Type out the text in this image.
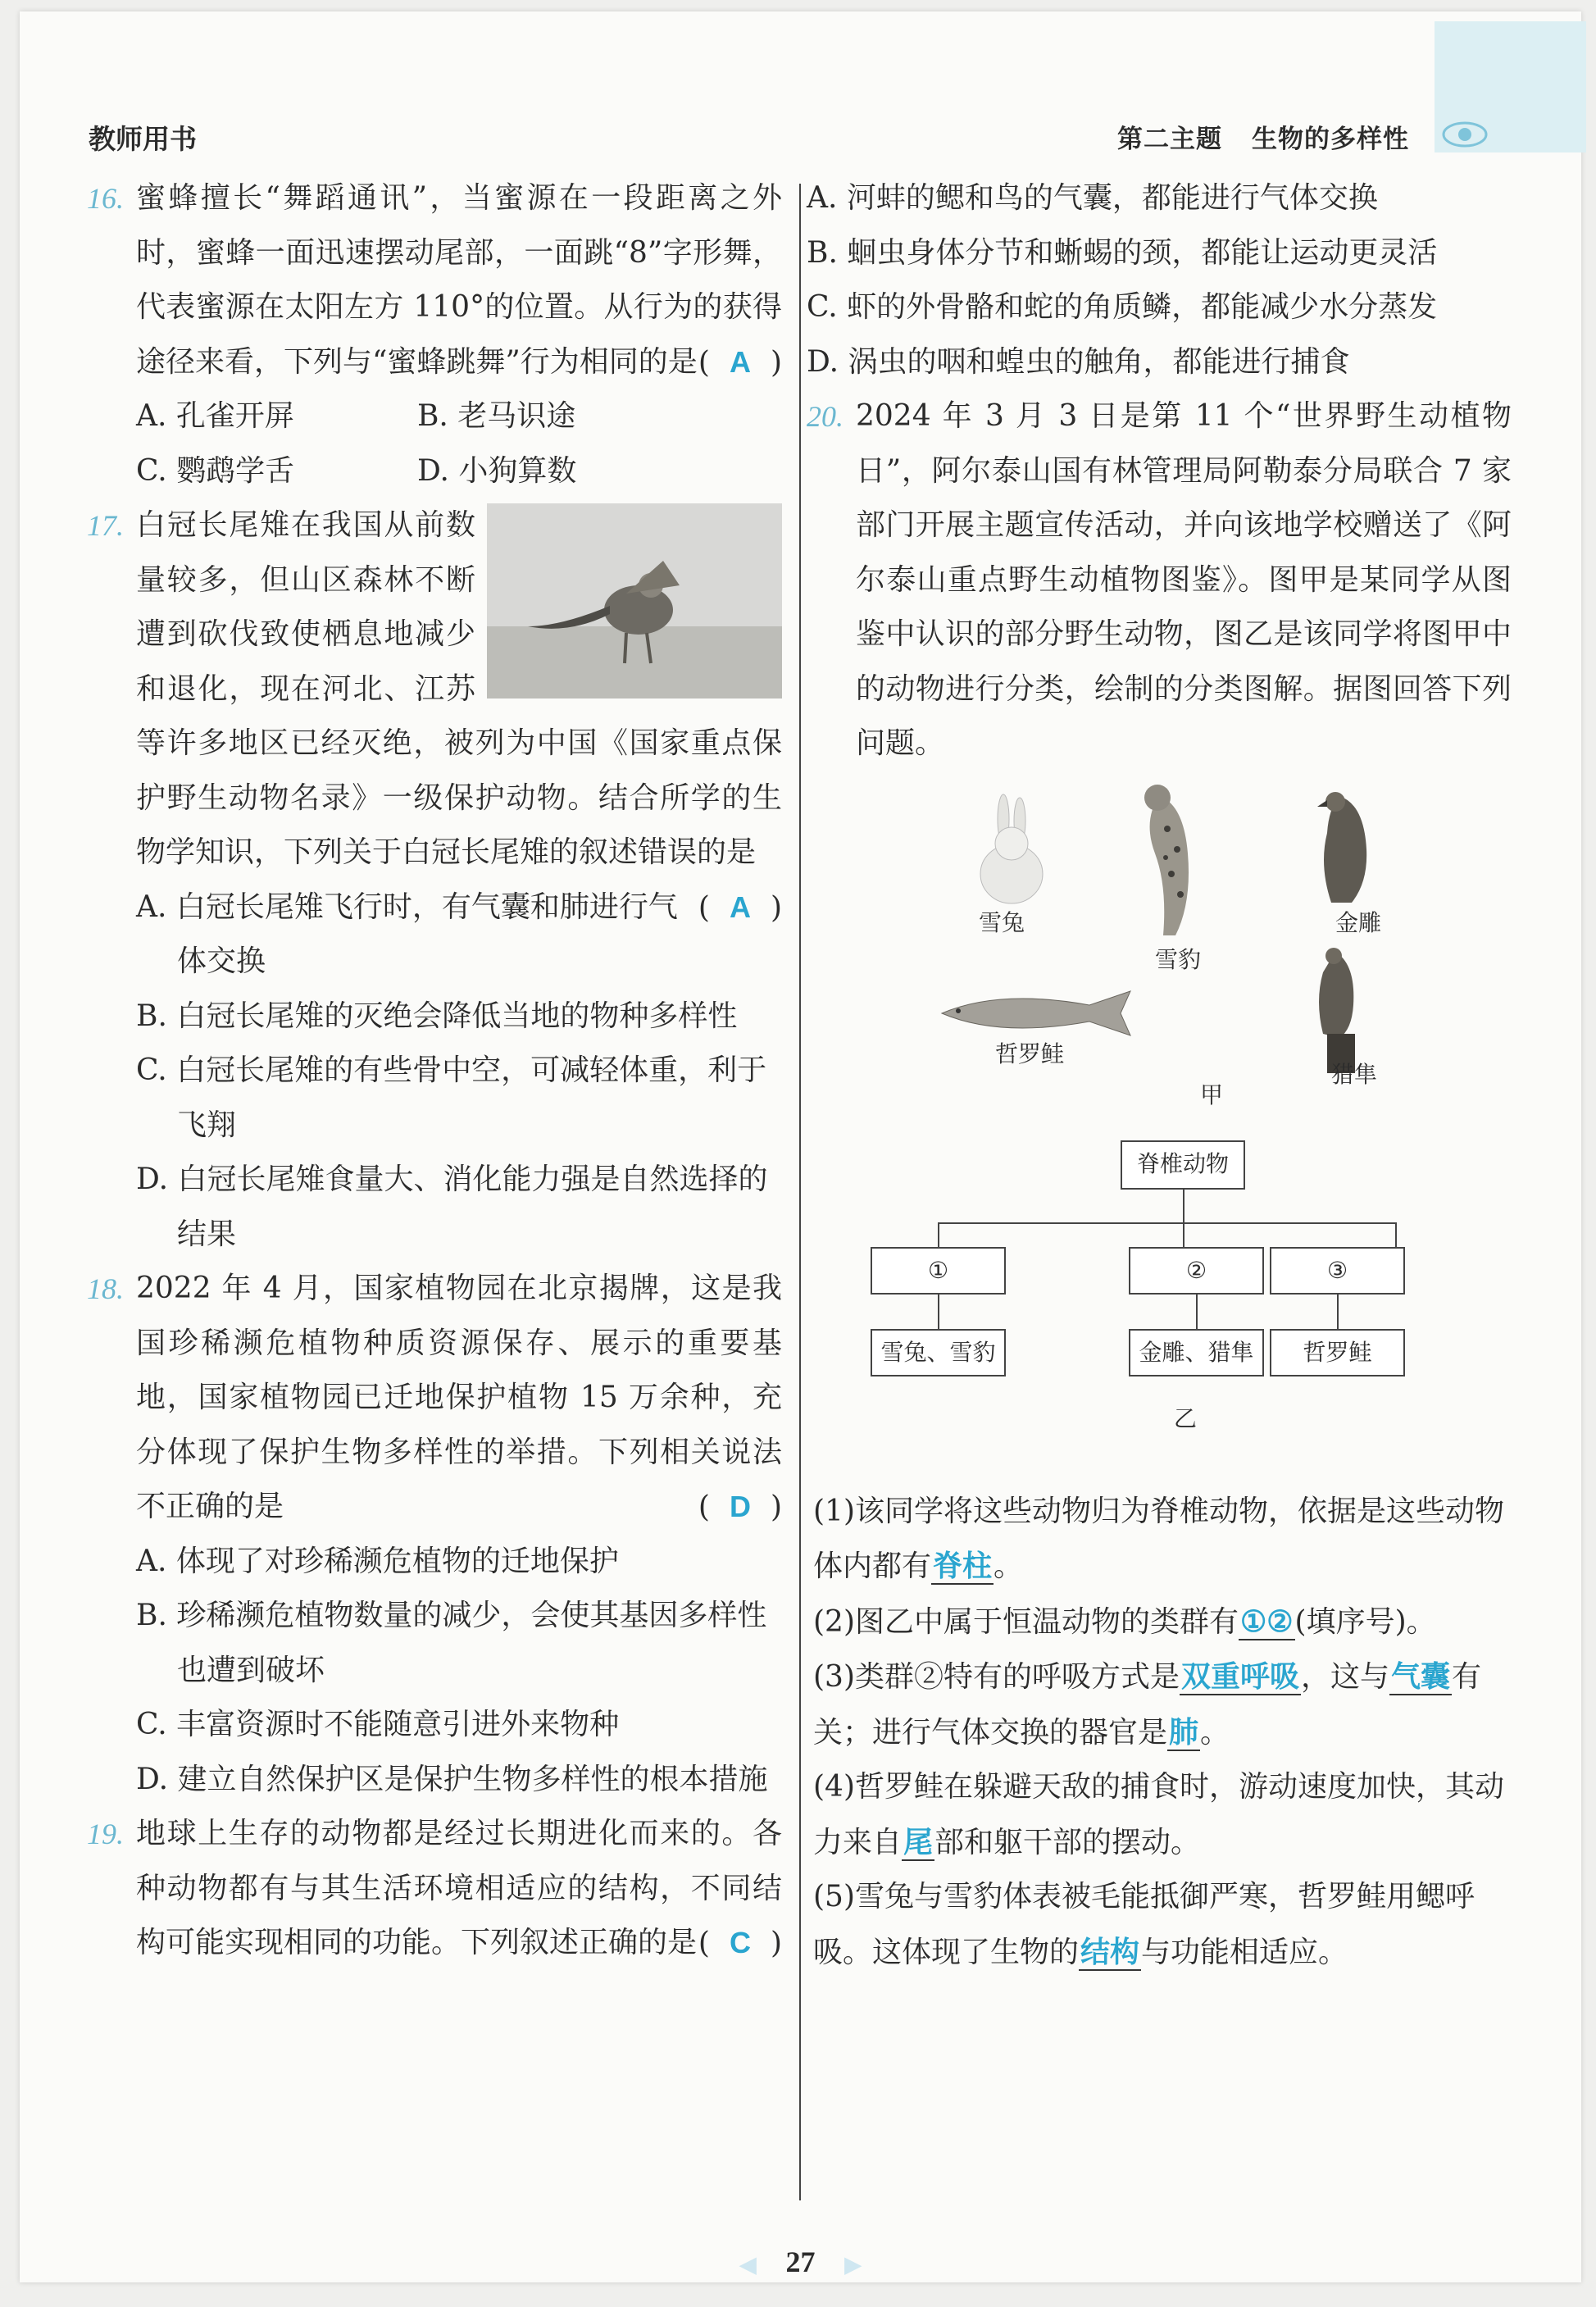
教师用书	第二主题 生物的多样性
16. 蜜蜂擅长“舞蹈通讯”，当蜜源在一段距离之外时，蜜蜂一面迅速摆动尾部，一面跳“8”字形舞，代表蜜源在太阳左方 110°的位置。从行为的获得途径来看，下列与“蜜蜂跳舞”行为相同的是 ( A )
A. 孔雀开屏	B. 老马识途
C. 鹦鹉学舌	D. 小狗算数
17. 白冠长尾雉在我国从前数量较多，但山区森林不断遭到砍伐致使栖息地减少和退化，现在河北、江苏等许多地区已经灭绝，被列为中国《国家重点保护野生动物名录》一级保护动物。结合所学的生物学知识，下列关于白冠长尾雉的叙述错误的是
( A )
A. 白冠长尾雉飞行时，有气囊和肺进行气体交换
B. 白冠长尾雉的灭绝会降低当地的物种多样性
C. 白冠长尾雉的有些骨中空，可减轻体重，利于飞翔
D. 白冠长尾雉食量大、消化能力强是自然选择的结果
18. 2022 年 4 月，国家植物园在北京揭牌，这是我国珍稀濒危植物种质资源保存、展示的重要基地，国家植物园已迁地保护植物 15 万余种，充分体现了保护生物多样性的举措。下列相关说法不正确的是	( D )
A. 体现了对珍稀濒危植物的迁地保护
B. 珍稀濒危植物数量的减少，会使其基因多样性也遭到破坏
C. 丰富资源时不能随意引进外来物种
D. 建立自然保护区是保护生物多样性的根本措施
19. 地球上生存的动物都是经过长期进化而来的。各种动物都有与其生活环境相适应的结构，不同结构可能实现相同的功能。下列叙述正确的是 ( C )
A. 河蚌的鳃和鸟的气囊，都能进行气体交换
B. 蛔虫身体分节和蜥蜴的颈，都能让运动更灵活
C. 虾的外骨骼和蛇的角质鳞，都能减少水分蒸发
D. 涡虫的咽和蝗虫的触角，都能进行捕食
20. 2024 年 3 月 3 日是第 11 个“世界野生动植物日”，阿尔泰山国有林管理局阿勒泰分局联合 7 家部门开展主题宣传活动，并向该地学校赠送了《阿尔泰山重点野生动植物图鉴》。图甲是某同学从图鉴中认识的部分野生动物，图乙是该同学将图甲中的动物进行分类，绘制的分类图解。据图回答下列问题。
雪兔
雪豹
金雕
哲罗鲑
猎隼
甲
脊椎动物
①	②	③
雪兔、雪豹	金雕、猎隼	哲罗鲑
乙
(1)该同学将这些动物归为脊椎动物，依据是这些动物体内都有脊柱。
(2)图乙中属于恒温动物的类群有①②(填序号)。
(3)类群②特有的呼吸方式是双重呼吸，这与气囊有关；进行气体交换的器官是肺。
(4)哲罗鲑在躲避天敌的捕食时，游动速度加快，其动力来自尾部和躯干部的摆动。
(5)雪兔与雪豹体表被毛能抵御严寒，哲罗鲑用鳃呼吸。这体现了生物的结构与功能相适应。
◀ 27 ▶
